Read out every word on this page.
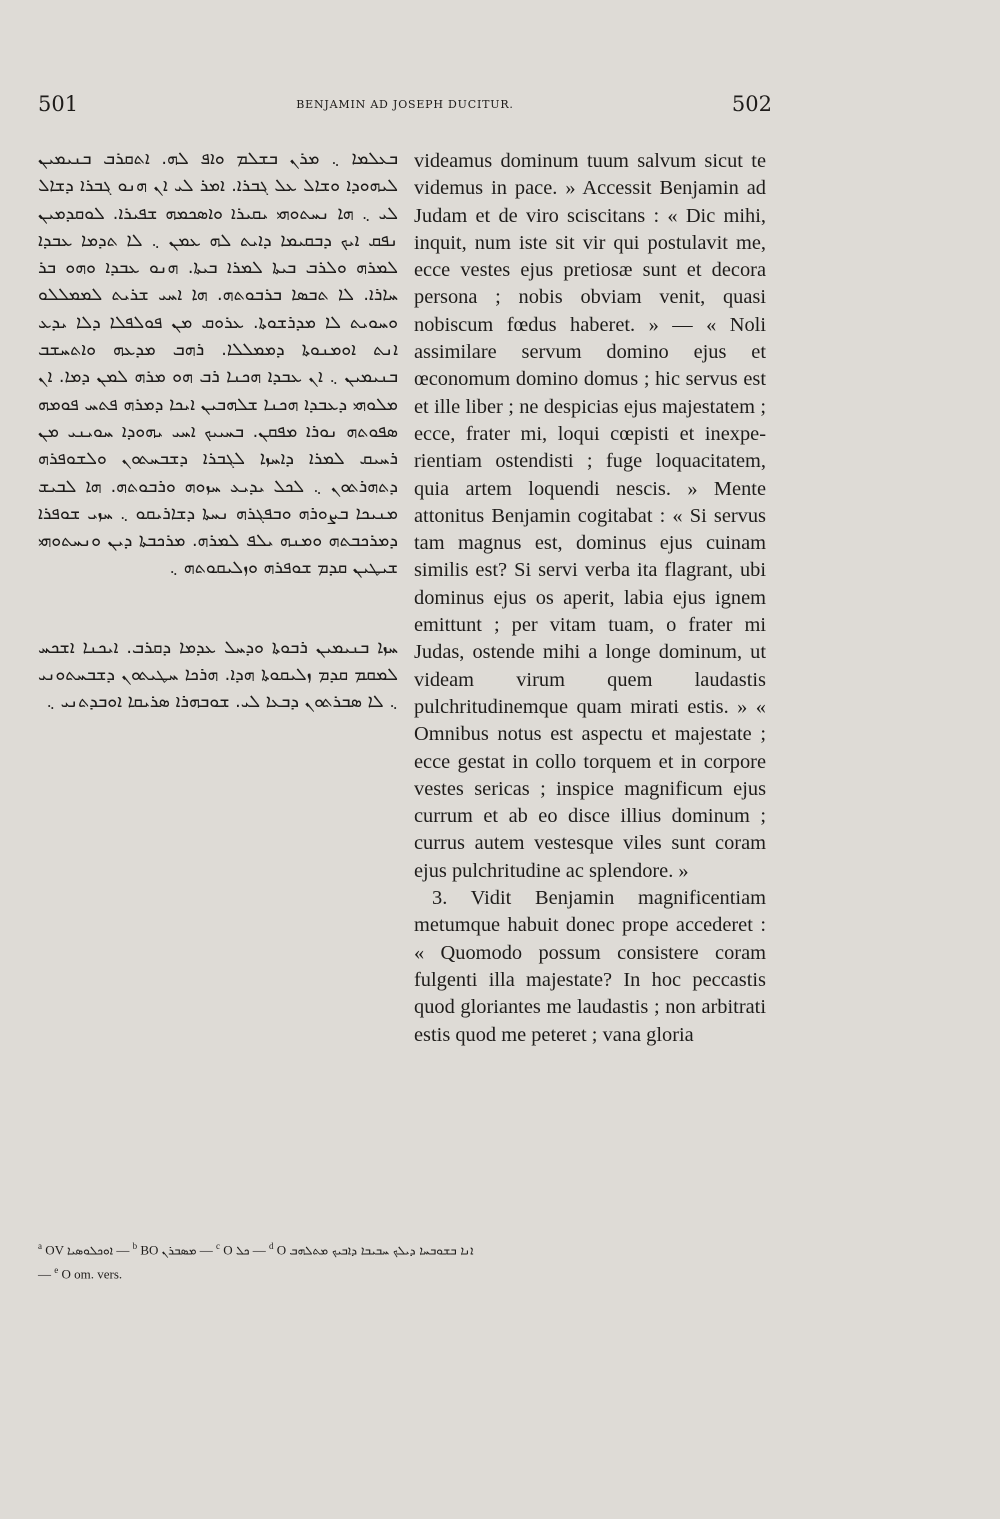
501	BENJAMIN AD JOSEPH DUCITUR.	502

ܒܥܠܡܐ ܆ ܡܪܢ ܒܫܠܡ ܘܐܦ ܠܗ. ܐܬܩܪܒ ܒܢܝܡܝܢ ܠܝܗܘܕܐ ܘܫܐܠ ܥܠ ܓܒܪܐ. ܐܡܪ ܠܝ ܐܢ ܗܢܘ ܓܒܪܐ ܕܫܐܠ ܠܝ ܆ ܗܐ ܢܚܬܘܗܝ ܝܩܝܪܐ ܘܐܣܟܡܗ ܫܦܝܪܐ. ܠܘܩܕܡܝܢ ܢܦܩ ܐܝܟ ܕܒܩܝܡܐ ܕܐܝܬ ܠܗ ܥܡܢ ܆ ܠܐ ܬܕܡܐ ܥܒܕܐ ܠܡܪܗ ܘܠܪܒ ܒܝܬܐ ܠܡܪܐ ܒܝܬܐ. ܗܢܘ ܥܒܕܐ ܘܗܘ ܒܪ ܚܐܪܐ. ܠܐ ܬܒܣܐ ܒܪܒܘܬܗ. ܗܐ ܐܚܝ ܫܪܝܬ ܠܡܡܠܠܘ ܘܚܘܝܬ ܠܐ ܡܕܪܫܘܬܐ. ܥܪܘܩ ܡܢ ܦܘܠܦܠܐ ܕܠܐ ܝܕܥ ܐܢܬ ܐܘܡܢܘܬܐ ܕܡܡܠܠܐ. ܪܗܒ ܡܕܥܗ ܘܐܬܚܫܒ ܒܢܝܡܝܢ ܆ ܐܢ ܥܒܕܐ ܗܟܢܐ ܪܒ ܗܘ ܡܪܗ ܠܡܢ ܕܡܐ. ܐܢ ܡܠܘܗܝ ܕܥܒܕܐ ܗܟܢܐ ܫܠܗܒܝܢ ܐܝܟܐ ܕܡܪܗ ܦܬܚ ܦܘܡܗ ܣܦܘܬܗ ܢܘܪܐ ܡܦܩܢ. ܒܚܝܝܟ ܐܚܝ ܝܗܘܕܐ ܚܘܝܢܝ ܡܢ ܪܚܝܩ ܠܡܪܐ ܕܐܚܙܐ ܠܓܒܪܐ ܕܫܒܚܬܘܢ ܘܠܫܘܦܪܗ ܕܬܗܪܬܘܢ ܆ ܠܟܠ ܝܕܝܥ ܚܙܘܗ ܘܪܒܘܬܗ. ܗܐ ܠܒܝܫ ܡܢܝܟܐ ܒܨܘܪܗ ܘܒܦܓܪܗ ܢܚܬܐ ܕܫܐܪܝܩܘ ܆ ܚܙܝ ܫܘܦܪܐ ܕܡܪܟܒܬܗ ܘܡܢܗ ܝܠܦ ܠܡܪܗ. ܡܪܟܒܬܐ ܕܝܢ ܘܢܚܬܘܗܝ ܫܝܛܝܢ ܩܕܡ ܫܘܦܪܗ ܘܙܠܝܩܘܬܗ ܆

ܚܙܐ ܒܢܝܡܝܢ ܪܒܘܬܐ ܘܕܚܠ ܥܕܡܐ ܕܩܪܒ. ܐܝܟܢܐ ܐܫܟܚ ܠܡܩܡ ܩܕܡ ܙܠܝܩܘܬܐ ܗܕܐ. ܗܪܟܐ ܚܛܝܬܘܢ ܕܫܒܚܬܘܢܝ ܆ ܠܐ ܣܒܪܬܘܢ ܕܒܥܐ ܠܝ. ܫܘܒܗܪܐ ܣܪܝܩܐ ܐܘܒܕܬܢܝ ܆

videamus dominum tuum salvum sicut te videmus in pace. » Accessit Benjamin ad Judam et de viro sciscitans : « Dic mihi, inquit, num iste sit vir qui postulavit me, ecce vestes ejus pretiosæ sunt et decora persona ; nobis obviam venit, quasi nobiscum fœdus haberet. » — « Noli assimilare servum domino ejus et œconomum domino domus ; hic servus est et ille liber ; ne despicias ejus majestatem ; ecce, frater mi, loqui cœpisti et inexperientiam ostendisti ; fuge loquacitatem, quia artem loquendi nescis. » Mente attonitus Benjamin cogitabat : « Si servus tam magnus est, dominus ejus cuinam similis est? Si servi verba ita flagrant, ubi dominus ejus os aperit, labia ejus ignem emittunt ; per vitam tuam, o frater mi Judas, ostende mihi a longe dominum, ut videam virum quem laudastis pulchritudinemque quam mirati estis. » « Omnibus notus est aspectu et majestate ; ecce gestat in collo torquem et in corpore vestes sericas ; inspice magnificum ejus currum et ab eo disce illius dominum ; currus autem vestesque viles sunt coram ejus pulchritudine ac splendore. »

3. Vidit Benjamin magnificentiam metumque habuit donec prope accederet : « Quomodo possum consistere coram fulgenti illa majestate? In hoc peccastis quod gloriantes me laudastis ; non arbitrati estis quod me peteret ; vana gloria

$^a$ OV ܐܘܟܠܘܣܝܐ — $^b$ BO ܡܣܒܪܢ — $^c$ O ܟܠ — $^d$ O ܐܢܐ ܒܫܘܒܚܐ ܕܝܠܟ ܚܒܝܒܐ ܕܐܒܝܟ ܡܬܠܗܒ
— $^e$ O om. vers.
